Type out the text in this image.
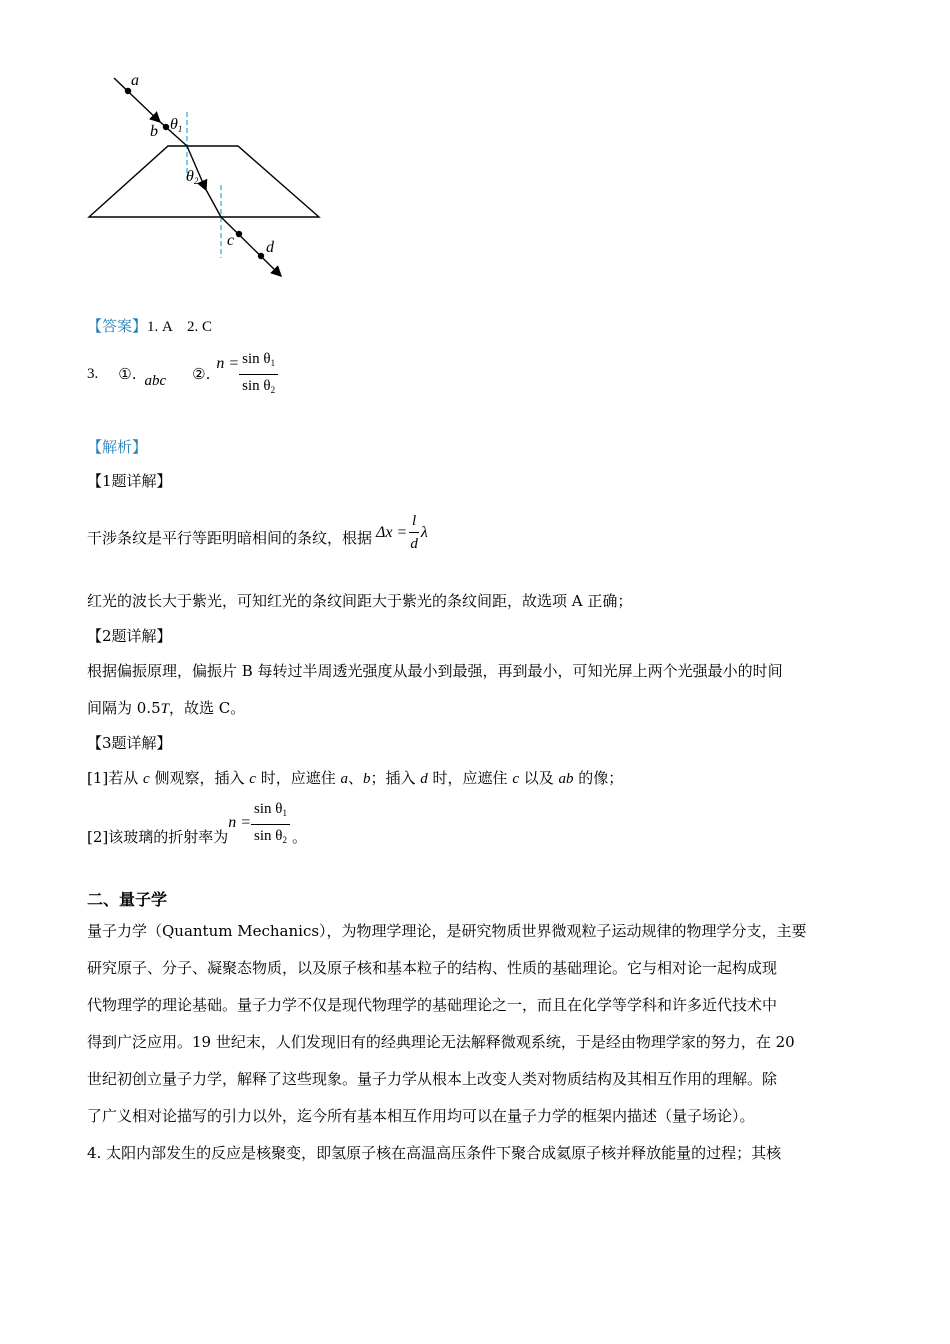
a
b $\theta_1$
$\theta_2$
c d
【答案】1. A    2. C
3. ①. abc ②.
$n = \frac{\sin \theta_1}{\sin \theta_2}$
【解析】
【1题详解】
干涉条纹是平行等距明暗相间的条纹，根据 $\Delta x = \frac{l}{d}$ λ
红光的波长大于紫光，可知红光的条纹间距大于紫光的条纹间距，故选项 A 正确；
【2题详解】
根据偏振原理，偏振片 B 每转过半周透光强度从最小到最强，再到最小，可知光屏上两个光强最小的时间
间隔为 0.5T，故选 C。
【3题详解】
[1]若从 c 侧观察，插入 c 时，应遮住 a、b；插入 d 时，应遮住 c 以及 ab 的像；
[2]该玻璃的折射率为
$n = \frac{\sin \theta_1}{\sin \theta_2}$ 。
二、量子学
量子力学（Quantum Mechanics），为物理学理论，是研究物质世界微观粒子运动规律的物理学分支，主要
研究原子、分子、凝聚态物质，以及原子核和基本粒子的结构、性质的基础理论。它与相对论一起构成现
代物理学的理论基础。量子力学不仅是现代物理学的基础理论之一，而且在化学等学科和许多近代技术中
得到广泛应用。19 世纪末，人们发现旧有的经典理论无法解释微观系统，于是经由物理学家的努力，在 20
世纪初创立量子力学，解释了这些现象。量子力学从根本上改变人类对物质结构及其相互作用的理解。除
了广义相对论描写的引力以外，迄今所有基本相互作用均可以在量子力学的框架内描述（量子场论）。
4. 太阳内部发生的反应是核聚变，即氢原子核在高温高压条件下聚合成氦原子核并释放能量的过程；其核
